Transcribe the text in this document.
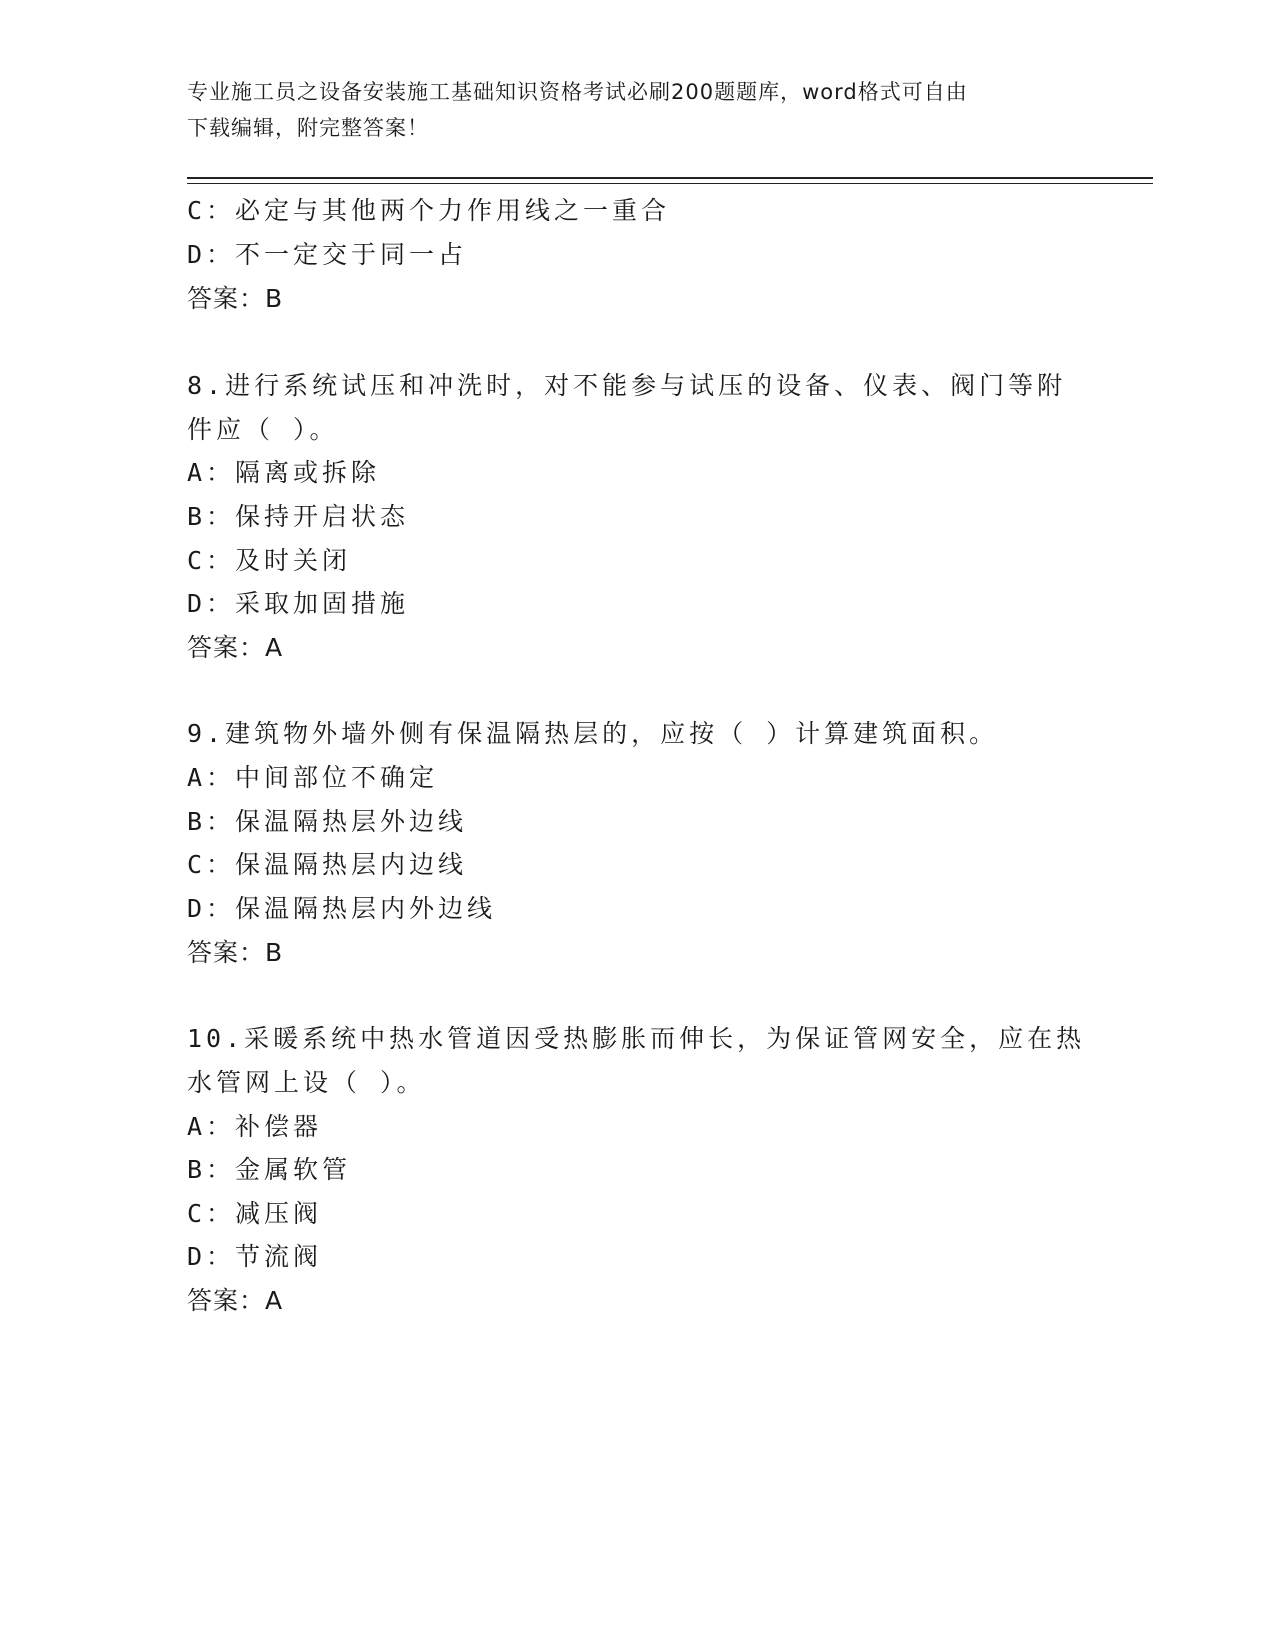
专业施工员之设备安装施工基础知识资格考试必刷200题题库，word格式可自由
下载编辑，附完整答案！
C：必定与其他两个力作用线之一重合
D：不一定交于同一占
答案：B
8.进行系统试压和冲洗时，对不能参与试压的设备、仪表、阀门等附
件应（ ）。
A：隔离或拆除
B：保持开启状态
C：及时关闭
D：采取加固措施
答案：A
9.建筑物外墙外侧有保温隔热层的，应按（ ）计算建筑面积。
A：中间部位不确定
B：保温隔热层外边线
C：保温隔热层内边线
D：保温隔热层内外边线
答案：B
10.采暖系统中热水管道因受热膨胀而伸长，为保证管网安全，应在热
水管网上设（ ）。
A：补偿器
B：金属软管
C：减压阀
D：节流阀
答案：A
